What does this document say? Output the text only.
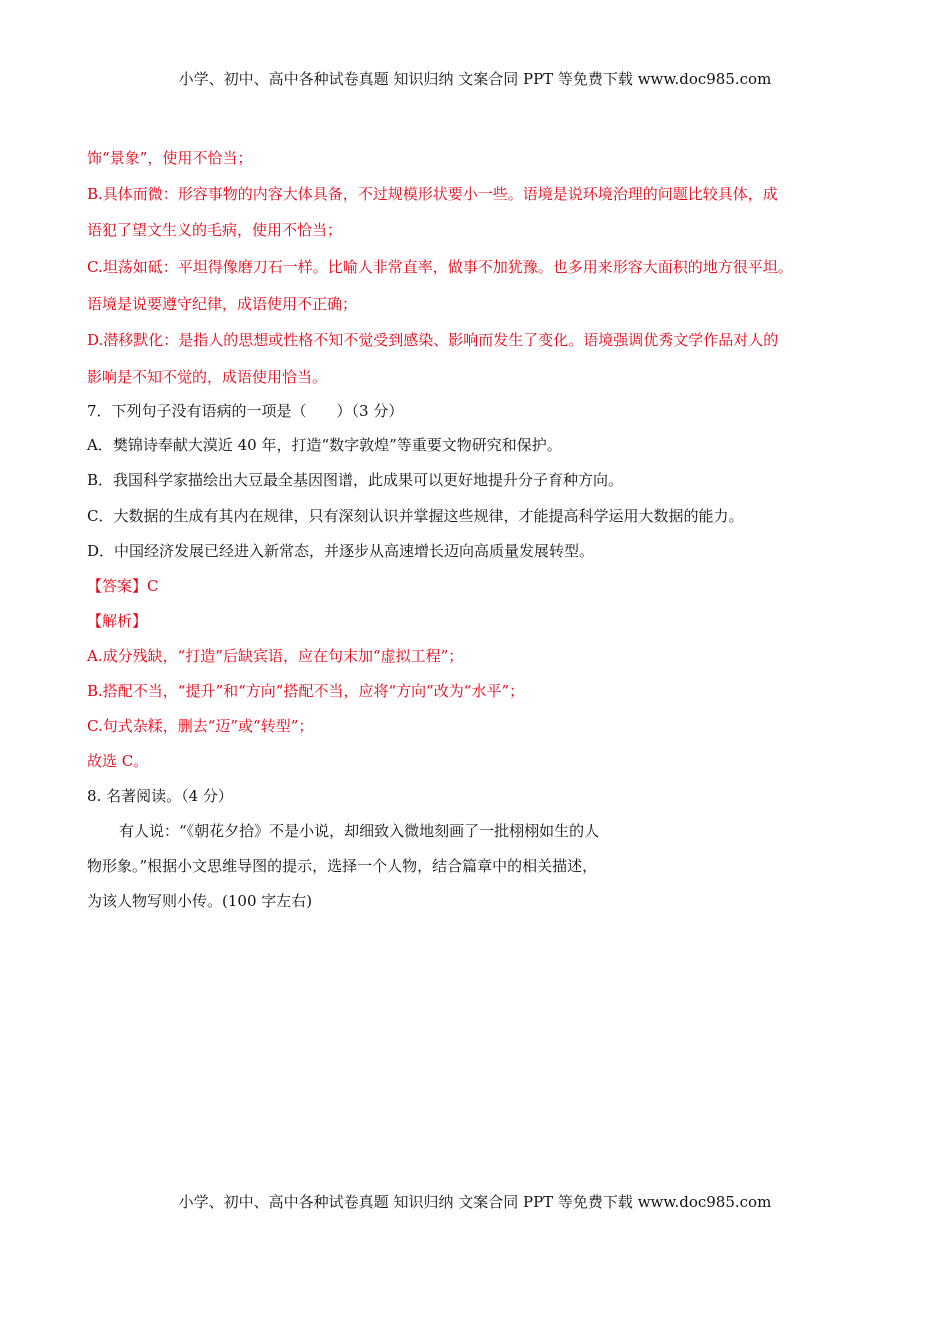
小学、初中、高中各种试卷真题 知识归纳 文案合同 PPT 等免费下载 www.doc985.com
饰“景象”，使用不恰当；
B.具体而微：形容事物的内容大体具备，不过规模形状要小一些。语境是说环境治理的问题比较具体，成
语犯了望文生义的毛病，使用不恰当；
C.坦荡如砥：平坦得像磨刀石一样。比喻人非常直率，做事不加犹豫。也多用来形容大面积的地方很平坦。
语境是说要遵守纪律，成语使用不正确；
D.潜移默化：是指人的思想或性格不知不觉受到感染、影响而发生了变化。语境强调优秀文学作品对人的
影响是不知不觉的，成语使用恰当。
7．下列句子没有语病的一项是（　　）（3 分）
A．樊锦诗奉献大漠近 40 年，打造“数字敦煌”等重要文物研究和保护。
B．我国科学家描绘出大豆最全基因图谱，此成果可以更好地提升分子育种方向。
C．大数据的生成有其内在规律，只有深刻认识并掌握这些规律，才能提高科学运用大数据的能力。
D．中国经济发展已经进入新常态，并逐步从高速增长迈向高质量发展转型。
【答案】C
【解析】
A.成分残缺，“打造”后缺宾语，应在句末加“虚拟工程”；
B.搭配不当，“提升”和“方向”搭配不当，应将“方向”改为“水平”；
C.句式杂糅，删去“迈”或“转型”；
故选 C。
8. 名著阅读。（4 分）
有人说：“《朝花夕拾》不是小说，却细致入微地刻画了一批栩栩如生的人
物形象。”根据小文思维导图的提示，选择一个人物，结合篇章中的相关描述，
为该人物写则小传。(100 字左右)
小学、初中、高中各种试卷真题 知识归纳 文案合同 PPT 等免费下载 www.doc985.com
